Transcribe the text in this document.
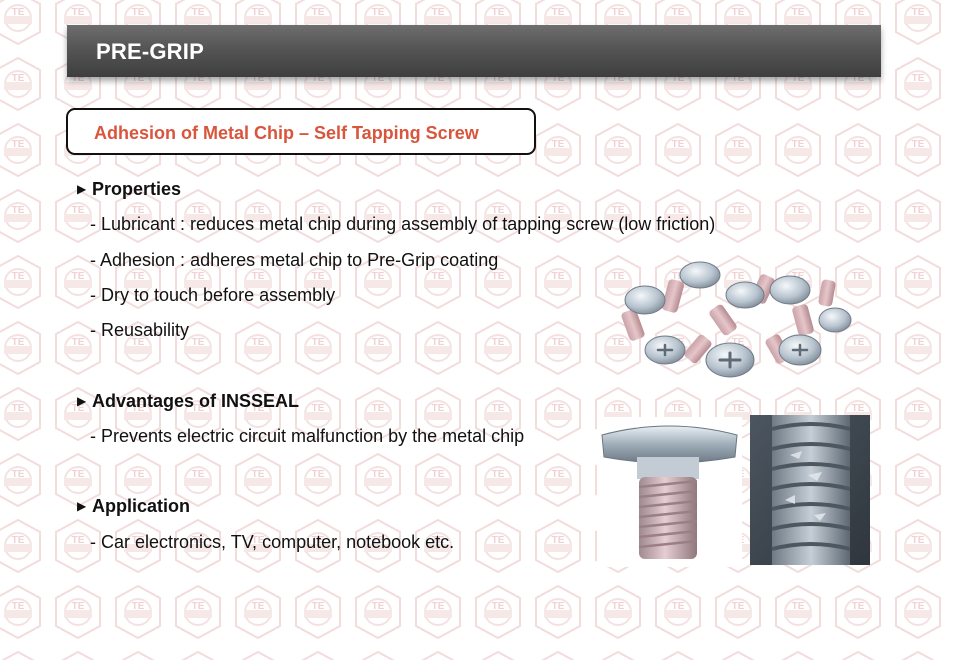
PRE-GRIP
Adhesion of Metal Chip – Self Tapping Screw
▶ Properties
- Lubricant : reduces metal chip during assembly of tapping screw (low friction)
- Adhesion : adheres metal chip to Pre-Grip coating
- Dry to touch before assembly
- Reusability
▶ Advantages of INSSEAL
- Prevents electric circuit malfunction by the metal chip
▶ Application
- Car electronics, TV, computer, notebook etc.
